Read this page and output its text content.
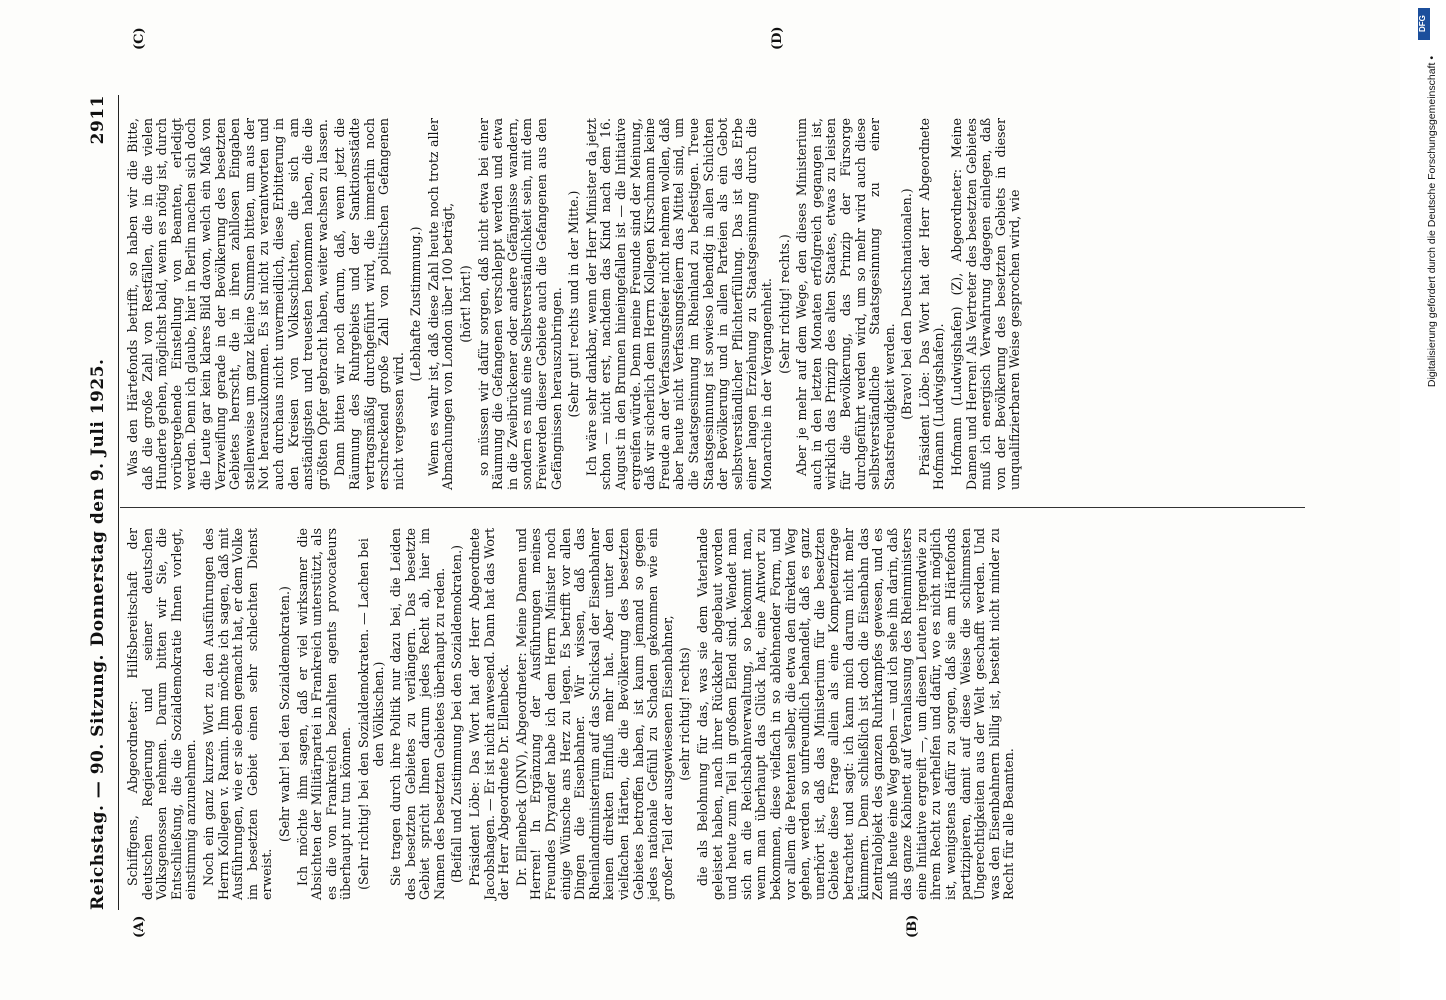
Reichstag. — 90. Sitzung.
Donnerstag den 9. Juli 1925.
2911
(A)	(B)
(C)	(D)

Schiffgens, Abgeordneter: Hilfsbereitschaft der deutschen Regierung und seiner deutschen Volksgenossen nehmen. Darum bitten wir Sie, die Entschließung, die die Sozialdemokratie Ihnen vorlegt, einstimmig anzunehmen. Noch ein ganz kurzes Wort zu den Ausführungen des Herrn Kollegen v. Ramin. Ihm möchte ich sagen, daß mit Ausführungen, wie er sie eben gemacht hat, er dem Volke im besetzten Gebiet einen sehr schlechten Dienst erweist.

(Sehr wahr! bei den Sozialdemokraten.) Ich möchte ihm sagen, daß er viel wirksamer die Absichten der Militärpartei in Frankreich unterstützt, als es die von Frankreich bezahlten agents provocateurs überhaupt nur tun können. (Sehr richtig! bei den Sozialdemokraten. — Lachen bei den Völkischen.) Sie tragen durch ihre Politik nur dazu bei, die Leiden des besetzten Gebietes zu verlängern. Das besetzte Gebiet spricht Ihnen darum jedes Recht ab, hier im Namen des besetzten Gebietes überhaupt zu reden. (Beifall und Zustimmung bei den Sozialdemokraten.) Präsident Löbe: Das Wort hat der Herr Abgeordnete Jacobshagen. — Er ist nicht anwesend. Dann hat das Wort der Herr Abgeordnete Dr. Ellenbeck. Dr. Ellenbeck (DNV), Abgeordneter: Meine Damen und Herren! In Ergänzung der Ausführungen meines Freundes Dryander habe ich dem Herrn Minister noch einige Wünsche ans Herz zu legen. Es betrifft vor allen Dingen die Eisenbahner. Wir wissen, daß das Rheinlandministerium auf das Schicksal der Eisenbahner keinen direkten Einfluß mehr hat. Aber unter den vielfachen Härten, die die Bevölkerung des besetzten Gebietes betroffen haben, ist kaum jemand so gegen jedes nationale Gefühl zu Schaden gekommen wie ein großer Teil der ausgewiesenen Eisenbahner, (sehr richtig! rechts) die als Belohnung für das, was sie dem Vaterlande geleistet haben, nach ihrer Rückkehr abgebaut worden und heute zum Teil in großem Elend sind. Wendet man sich an die Reichsbahnverwaltung, so bekommt man, wenn man überhaupt das Glück hat, eine Antwort zu bekommen, diese vielfach in so ablehnender Form, und vor allem die Petenten selber, die etwa den direkten Weg gehen, werden so unfreundlich behandelt, daß es ganz unerhört ist, daß das Ministerium für die besetzten Gebiete diese Frage allein als eine Kompetenzfrage betrachtet und sagt: ich kann mich darum nicht mehr kümmern. Denn schließlich ist doch die Eisenbahn das Zentralobjekt des ganzen Ruhrkampfes gewesen, und es muß heute eine Weg geben — und ich sehe ihn darin, daß das ganze Kabinett auf Veranlassung des Rheinministers eine Initiative ergreift —, um diesen Leuten irgendwie zu ihrem Recht zu verhelfen und dafür, wo es nicht möglich ist, wenigstens dafür zu sorgen, daß sie am Härtefonds partizipieren, damit auf diese Weise die schlimmsten Ungerechtigkeiten aus der Welt geschafft werden. Und was den Eisenbahnern billig ist, besteht nicht minder zu Recht für alle Beamten.

Was den Härtefonds betrifft, so haben wir die Bitte, daß die große Zahl von Restfällen, die in die vielen Hunderte gehen, möglichst bald, wenn es nötig ist, durch vorübergehende Einstellung von Beamten, erledigt werden. Denn ich glaube, hier in Berlin machen sich doch die Leute gar kein klares Bild davon, welch ein Maß von Verzweiflung gerade in der Bevölkerung des besetzten Gebietes herrscht, die in ihren zahllosen Eingaben stellenweise um ganz kleine Summen bitten, um aus der Not herauszukommen. Es ist nicht zu verantworten und auch durchaus nicht unvermeidlich, diese Erbitterung in den Kreisen von Volksschichten, die sich am anständigsten und treuesten benommen haben, die die größten Opfer gebracht haben, weiter wachsen zu lassen. Dann bitten wir noch darum, daß, wenn jetzt die Räumung des Ruhrgebiets und der Sanktionsstädte vertragsmäßig durchgeführt wird, die immerhin noch erschreckend große Zahl von politischen Gefangenen nicht vergessen wird.

(Lebhafte Zustimmung.) Wenn es wahr ist, daß diese Zahl heute noch trotz aller Abmachungen von London über 100 beträgt, (hört! hört!) so müssen wir dafür sorgen, daß nicht etwa bei einer Räumung die Gefangenen verschleppt werden und etwa in die Zweibrückener oder andere Gefängnisse wandern, sondern es muß eine Selbstverständlichkeit sein, mit dem Freiwerden dieser Gebiete auch die Gefangenen aus den Gefängnissen herauszubringen. (Sehr gut! rechts und in der Mitte.) Ich wäre sehr dankbar, wenn der Herr Minister da jetzt schon — nicht erst, nachdem das Kind nach dem 16. August in den Brunnen hineingefallen ist — die Initiative ergreifen würde. Denn meine Freunde sind der Meinung, daß wir sicherlich dem Herrn Kollegen Kirschmann keine Freude an der Verfassungsfeier nicht nehmen wollen, daß aber heute nicht Verfassungsfeiern das Mittel sind, um die Staatsgesinnung im Rheinland zu befestigen. Treue Staatsgesinnung ist sowieso lebendig in allen Schichten der Bevölkerung und in allen Parteien als ein Gebot selbstverständlicher Pflichterfüllung. Das ist das Erbe einer langen Erziehung zu Staatsgesinnung durch die Monarchie in der Vergangenheit. (Sehr richtig! rechts.) Aber je mehr auf dem Wege, den dieses Ministerium auch in den letzten Monaten erfolgreich gegangen ist, wirklich das Prinzip des alten Staates, etwas zu leisten für die Bevölkerung, das Prinzip der Fürsorge durchgeführt werden wird, um so mehr wird auch diese selbstverständliche Staatsgesinnung zu einer Staatsfreudigkeit werden. (Bravo! bei den Deutschnationalen.) Präsident Löbe: Das Wort hat der Herr Abgeordnete Hofmann (Ludwigshafen). Hofmann (Ludwigshafen) (Z), Abgeordneter: Meine Damen und Herren! Als Vertreter des besetzten Gebietes muß ich energisch Verwahrung dagegen einlegen, daß von der Bevölkerung des besetzten Gebiets in dieser unqualifizierbaren Weise gesprochen wird, wie	Digitalisierung gefördert durch die Deutsche Forschungsgemeinschaft •
DFG
